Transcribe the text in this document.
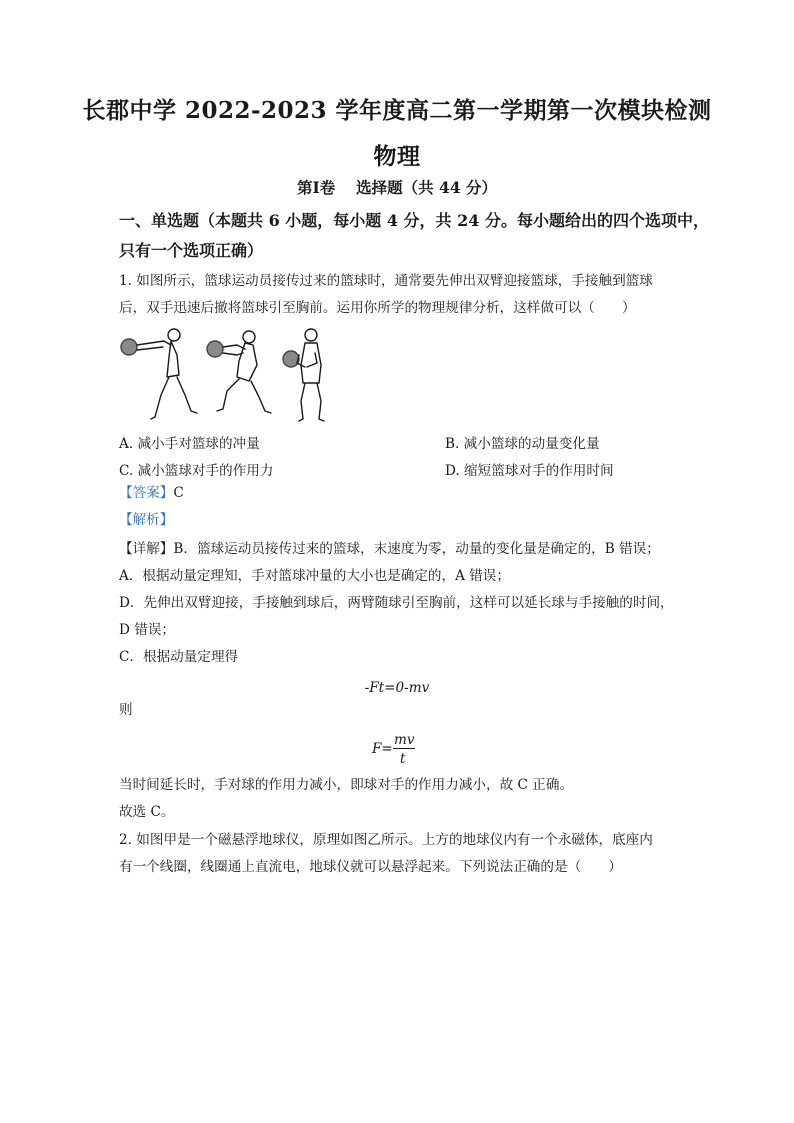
长郡中学 2022-2023 学年度高二第一学期第一次模块检测
物理
第Ⅰ卷　 选择题（共 44 分）
一、单选题（本题共 6 小题，每小题 4 分，共 24 分。每小题给出的四个选项中，
只有一个选项正确）
1. 如图所示，篮球运动员接传过来的篮球时，通常要先伸出双臂迎接篮球，手接触到篮球
后，双手迅速后撤将篮球引至胸前。运用你所学的物理规律分析，这样做可以（　　）
A. 减小手对篮球的冲量	B. 减小篮球的动量变化量
C. 减小篮球对手的作用力	D. 缩短篮球对手的作用时间
【答案】C
【解析】
【详解】B．篮球运动员接传过来的篮球，末速度为零，动量的变化量是确定的，B 错误；
A．根据动量定理知，手对篮球冲量的大小也是确定的，A 错误；
D．先伸出双臂迎接，手接触到球后，两臂随球引至胸前，这样可以延长球与手接触的时间，
D 错误；
C．根据动量定理得
-Ft=0-mv
则
F=
mv
t
当时间延长时，手对球的作用力减小，即球对手的作用力减小，故 C 正确。
故选 C。
2. 如图甲是一个磁悬浮地球仪，原理如图乙所示。上方的地球仪内有一个永磁体，底座内
有一个线圈，线圈通上直流电，地球仪就可以悬浮起来。下列说法正确的是（　　）
